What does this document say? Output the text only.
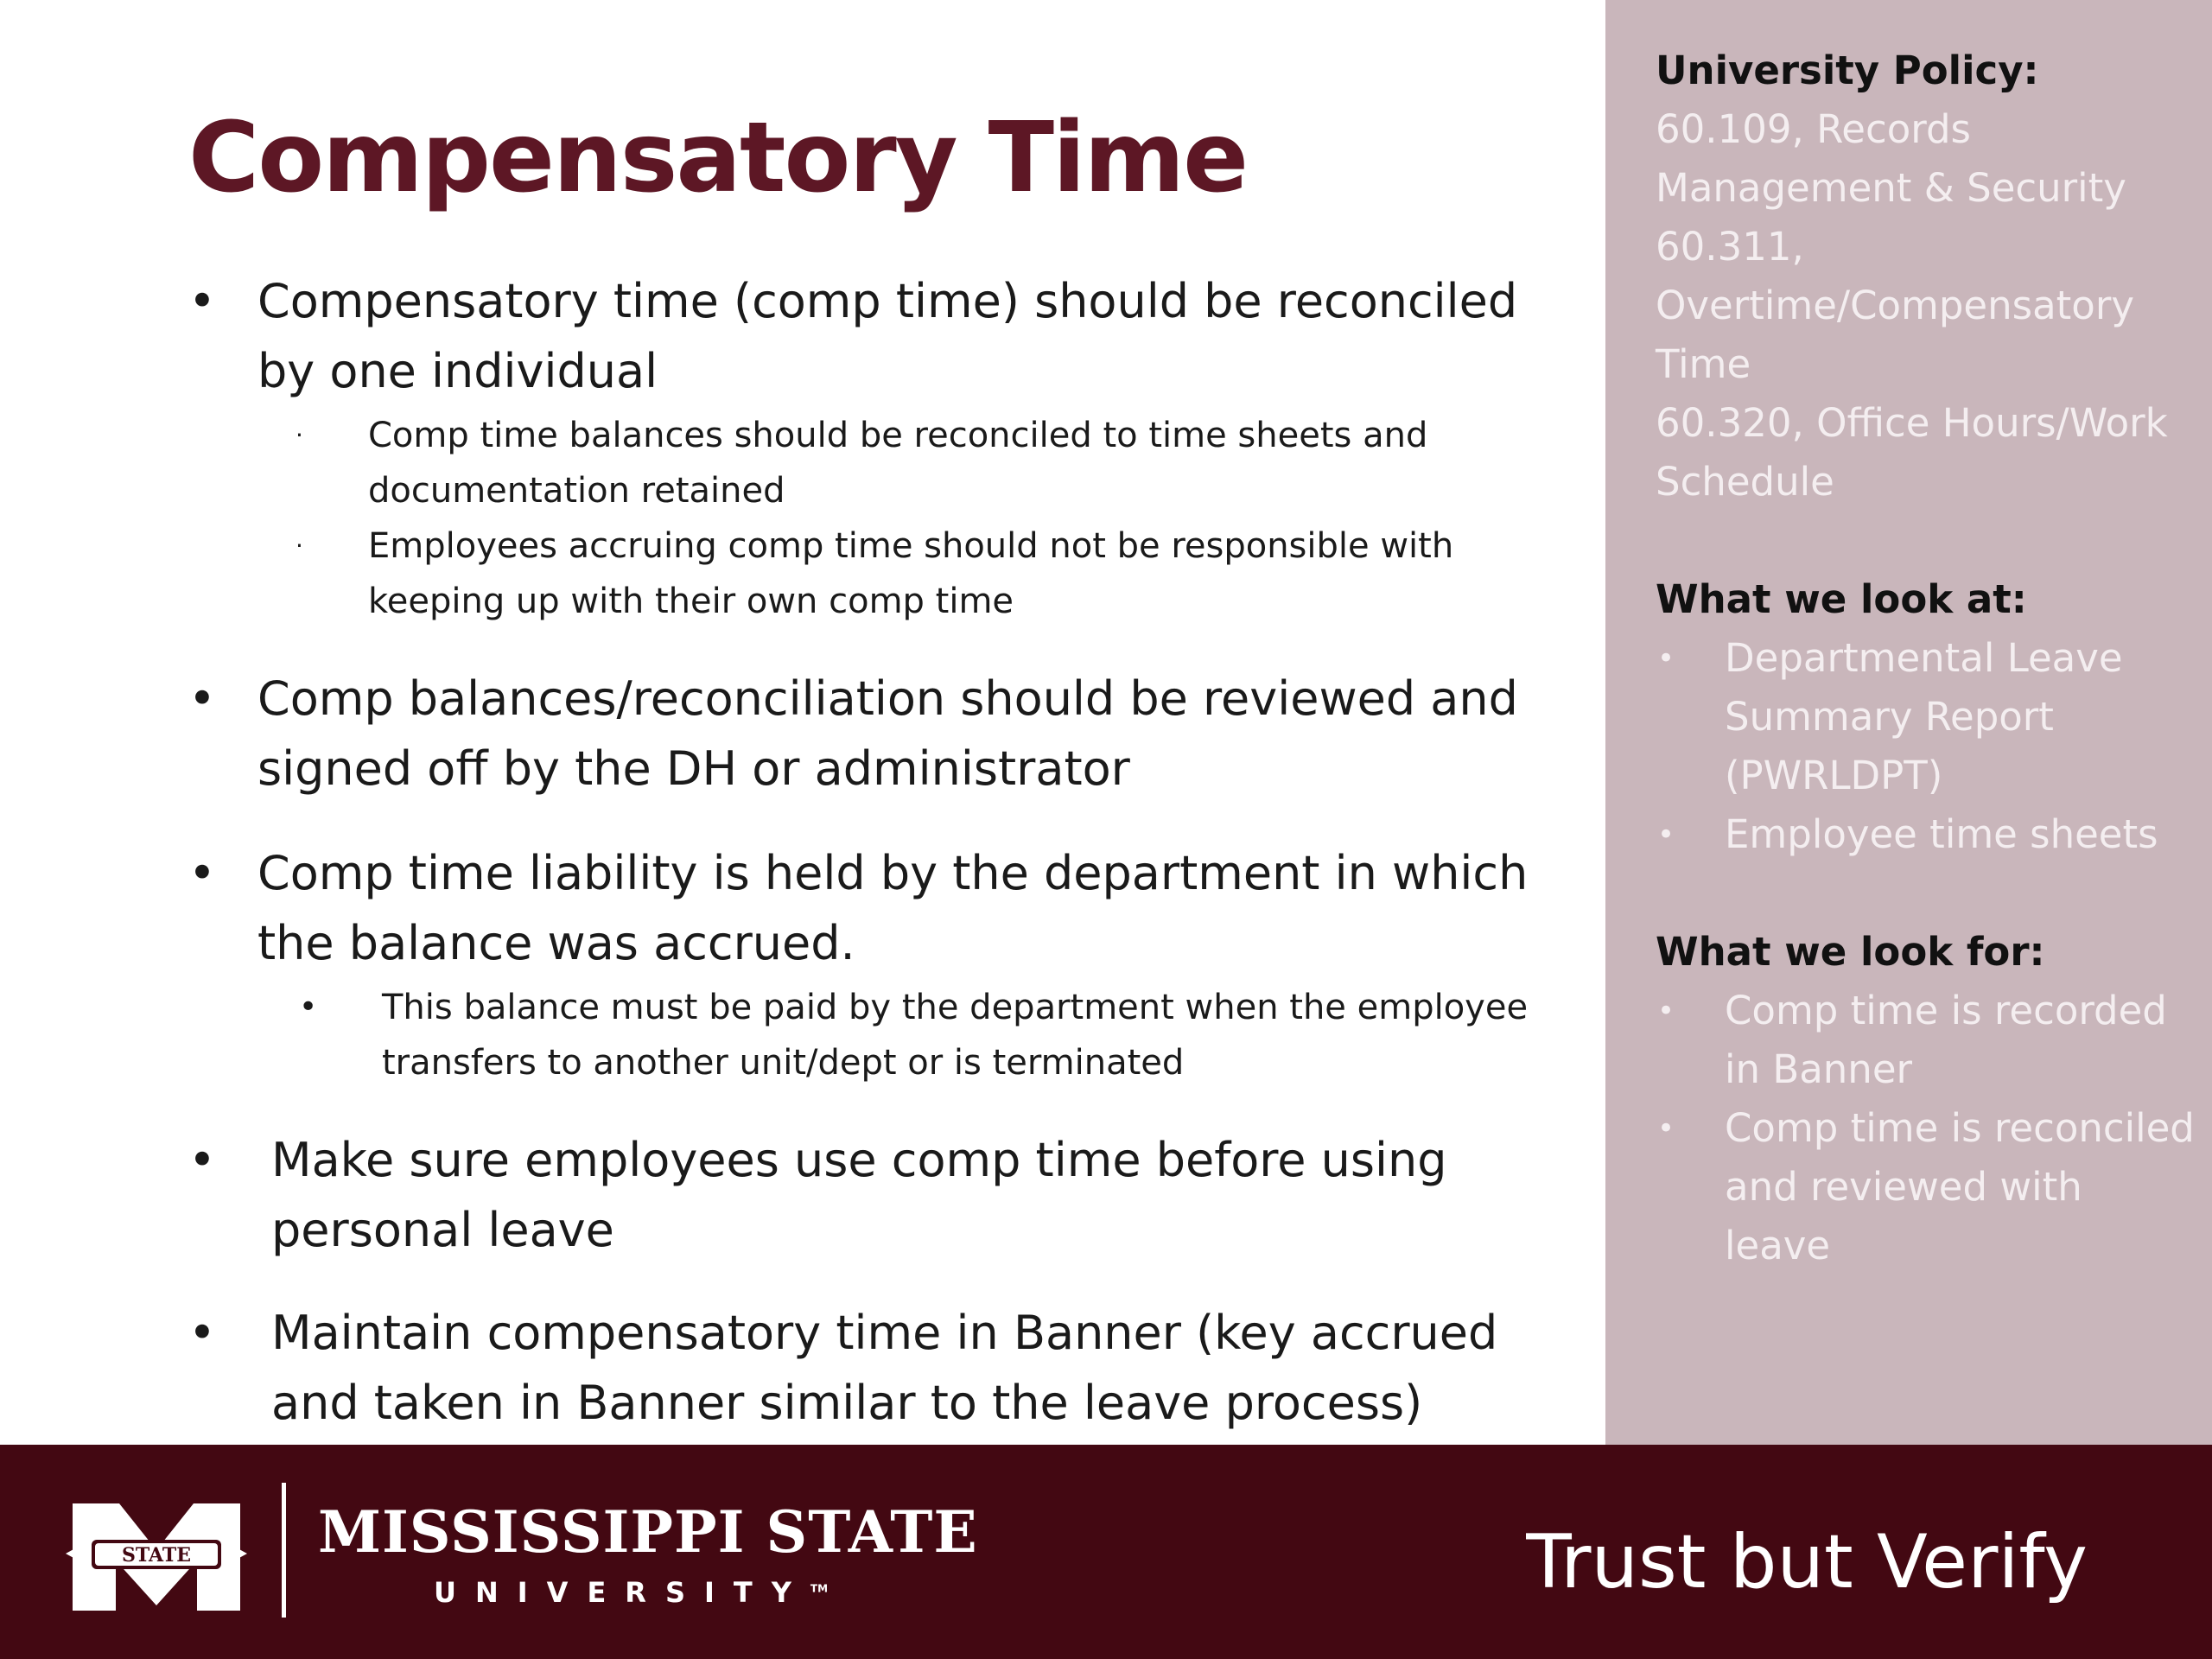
Compensatory Time
• Compensatory time (comp time) should be reconciled by one individual
· Comp time balances should be reconciled to time sheets and documentation retained
· Employees accruing comp time should not be responsible with keeping up with their own comp time
• Comp balances/reconciliation should be reviewed and signed off by the DH or administrator
• Comp time liability is held by the department in which the balance was accrued.
• This balance must be paid by the department when the employee transfers to another unit/dept or is terminated
• Make sure employees use comp time before using personal leave
• Maintain compensatory time in Banner (key accrued and taken in Banner similar to the leave process)
University Policy:
60.109, Records Management & Security
60.311, Overtime/Compensatory Time
60.320, Office Hours/Work Schedule
What we look at:
• Departmental Leave Summary Report (PWRLDPT)
• Employee time sheets
What we look for:
• Comp time is recorded in Banner
• Comp time is reconciled and reviewed with leave
STATE MISSISSIPPI STATE
UNIVERSITY™	Trust but Verify
